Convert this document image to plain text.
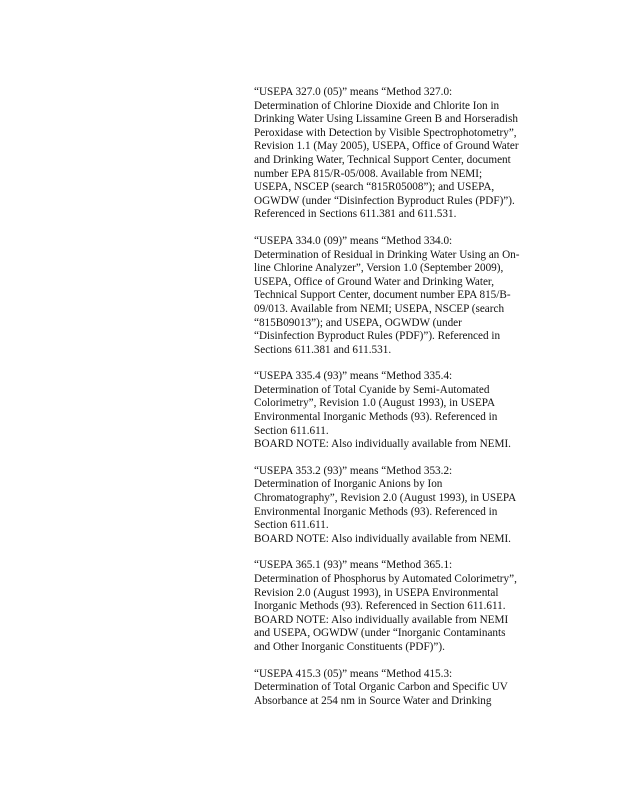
“USEPA 327.0 (05)” means “Method 327.0:
Determination of Chlorine Dioxide and Chlorite Ion in
Drinking Water Using Lissamine Green B and Horseradish
Peroxidase with Detection by Visible Spectrophotometry”,
Revision 1.1 (May 2005), USEPA, Office of Ground Water
and Drinking Water, Technical Support Center, document
number EPA 815/R-05/008. Available from NEMI;
USEPA, NSCEP (search “815R05008”); and USEPA,
OGWDW (under “Disinfection Byproduct Rules (PDF)”).
Referenced in Sections 611.381 and 611.531.

“USEPA 334.0 (09)” means “Method 334.0:
Determination of Residual in Drinking Water Using an On-
line Chlorine Analyzer”, Version 1.0 (September 2009),
USEPA, Office of Ground Water and Drinking Water,
Technical Support Center, document number EPA 815/B-
09/013. Available from NEMI; USEPA, NSCEP (search
“815B09013”); and USEPA, OGWDW (under
“Disinfection Byproduct Rules (PDF)”). Referenced in
Sections 611.381 and 611.531.

“USEPA 335.4 (93)” means “Method 335.4:
Determination of Total Cyanide by Semi-Automated
Colorimetry”, Revision 1.0 (August 1993), in USEPA
Environmental Inorganic Methods (93). Referenced in
Section 611.611.
BOARD NOTE: Also individually available from NEMI.

“USEPA 353.2 (93)” means “Method 353.2:
Determination of Inorganic Anions by Ion
Chromatography”, Revision 2.0 (August 1993), in USEPA
Environmental Inorganic Methods (93). Referenced in
Section 611.611.
BOARD NOTE: Also individually available from NEMI.

“USEPA 365.1 (93)” means “Method 365.1:
Determination of Phosphorus by Automated Colorimetry”,
Revision 2.0 (August 1993), in USEPA Environmental
Inorganic Methods (93). Referenced in Section 611.611.
BOARD NOTE: Also individually available from NEMI
and USEPA, OGWDW (under “Inorganic Contaminants
and Other Inorganic Constituents (PDF)”).

“USEPA 415.3 (05)” means “Method 415.3:
Determination of Total Organic Carbon and Specific UV
Absorbance at 254 nm in Source Water and Drinking
